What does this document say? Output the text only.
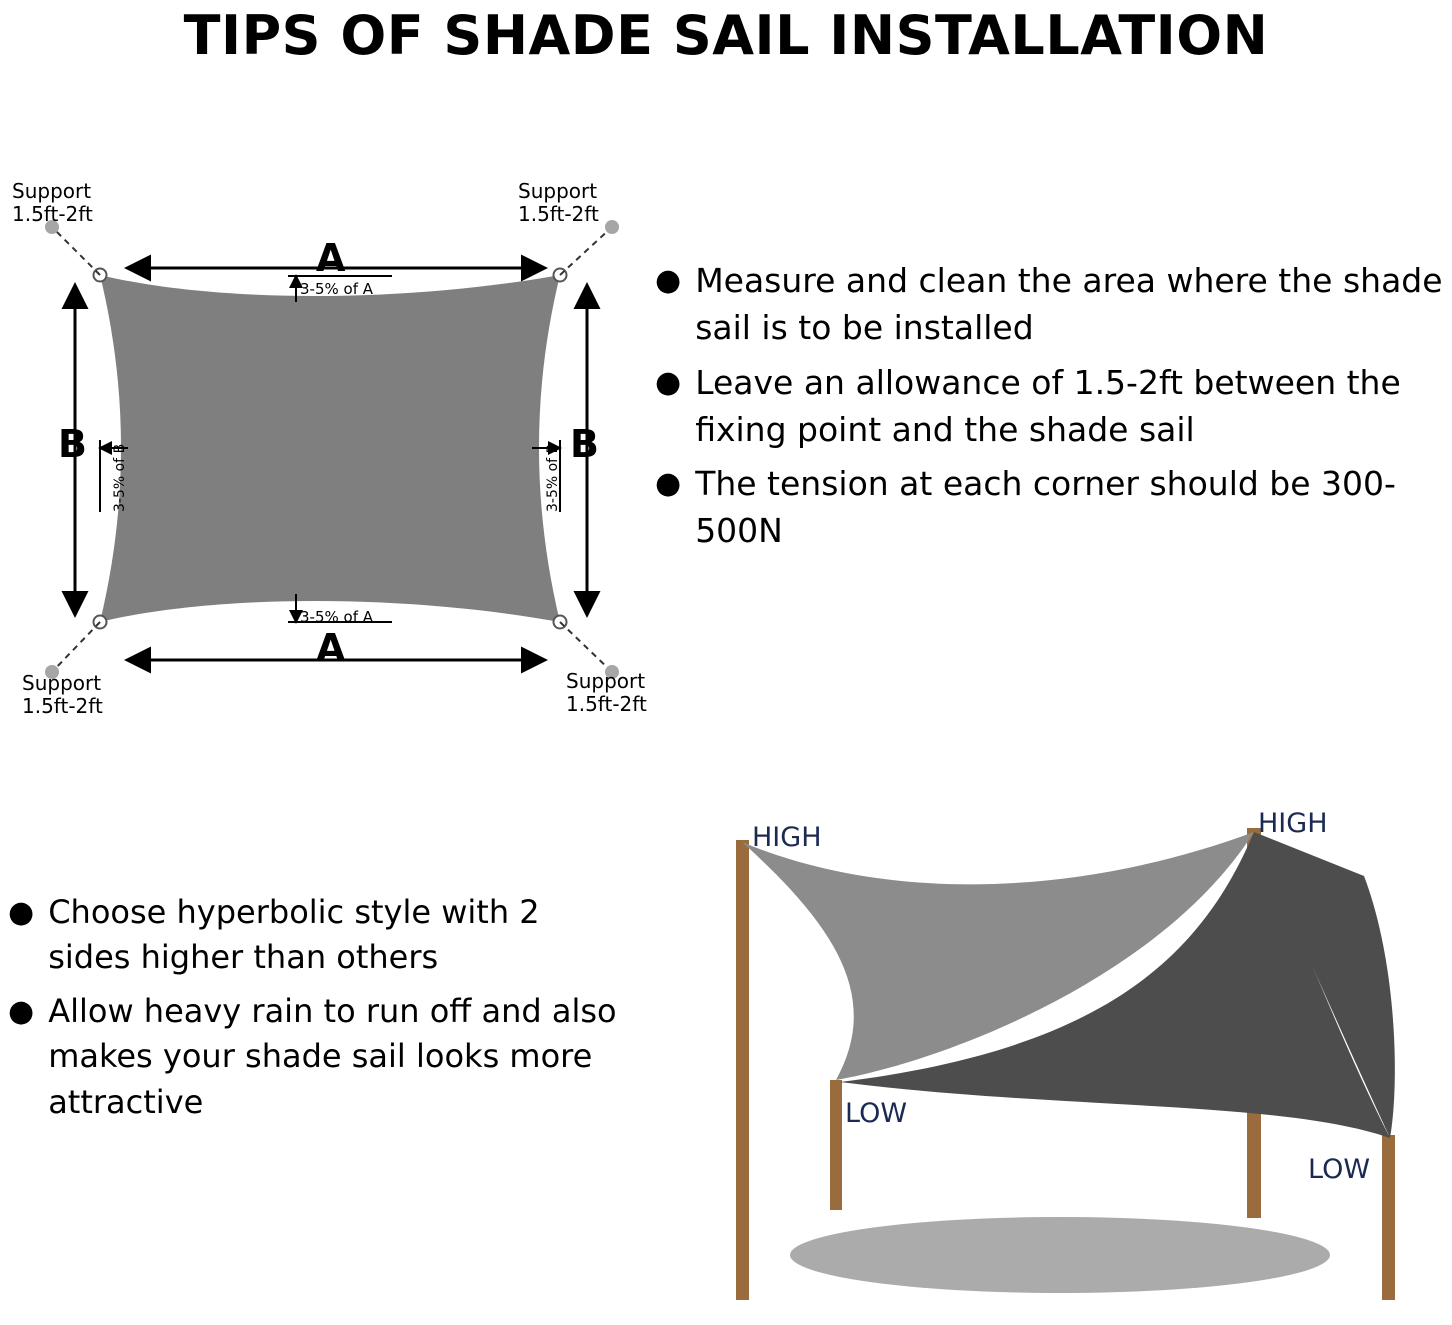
TIPS OF SHADE SAIL INSTALLATION
Support
1.5ft-2ft
Support
1.5ft-2ft
Support
1.5ft-2ft
Support
1.5ft-2ft
A
A
B	B
3-5% of A
3-5% of A
3-5% of B	3-5% of B
● Measure and clean the area where the shade sail is to be installed
● Leave an allowance of 1.5-2ft between the fixing point and the shade sail
● The tension at each corner should be 300-500N
● Choose hyperbolic style with 2 sides higher than others
● Allow heavy rain to run off and also makes your shade sail looks more attractive
HIGH	HIGH
LOW
LOW
